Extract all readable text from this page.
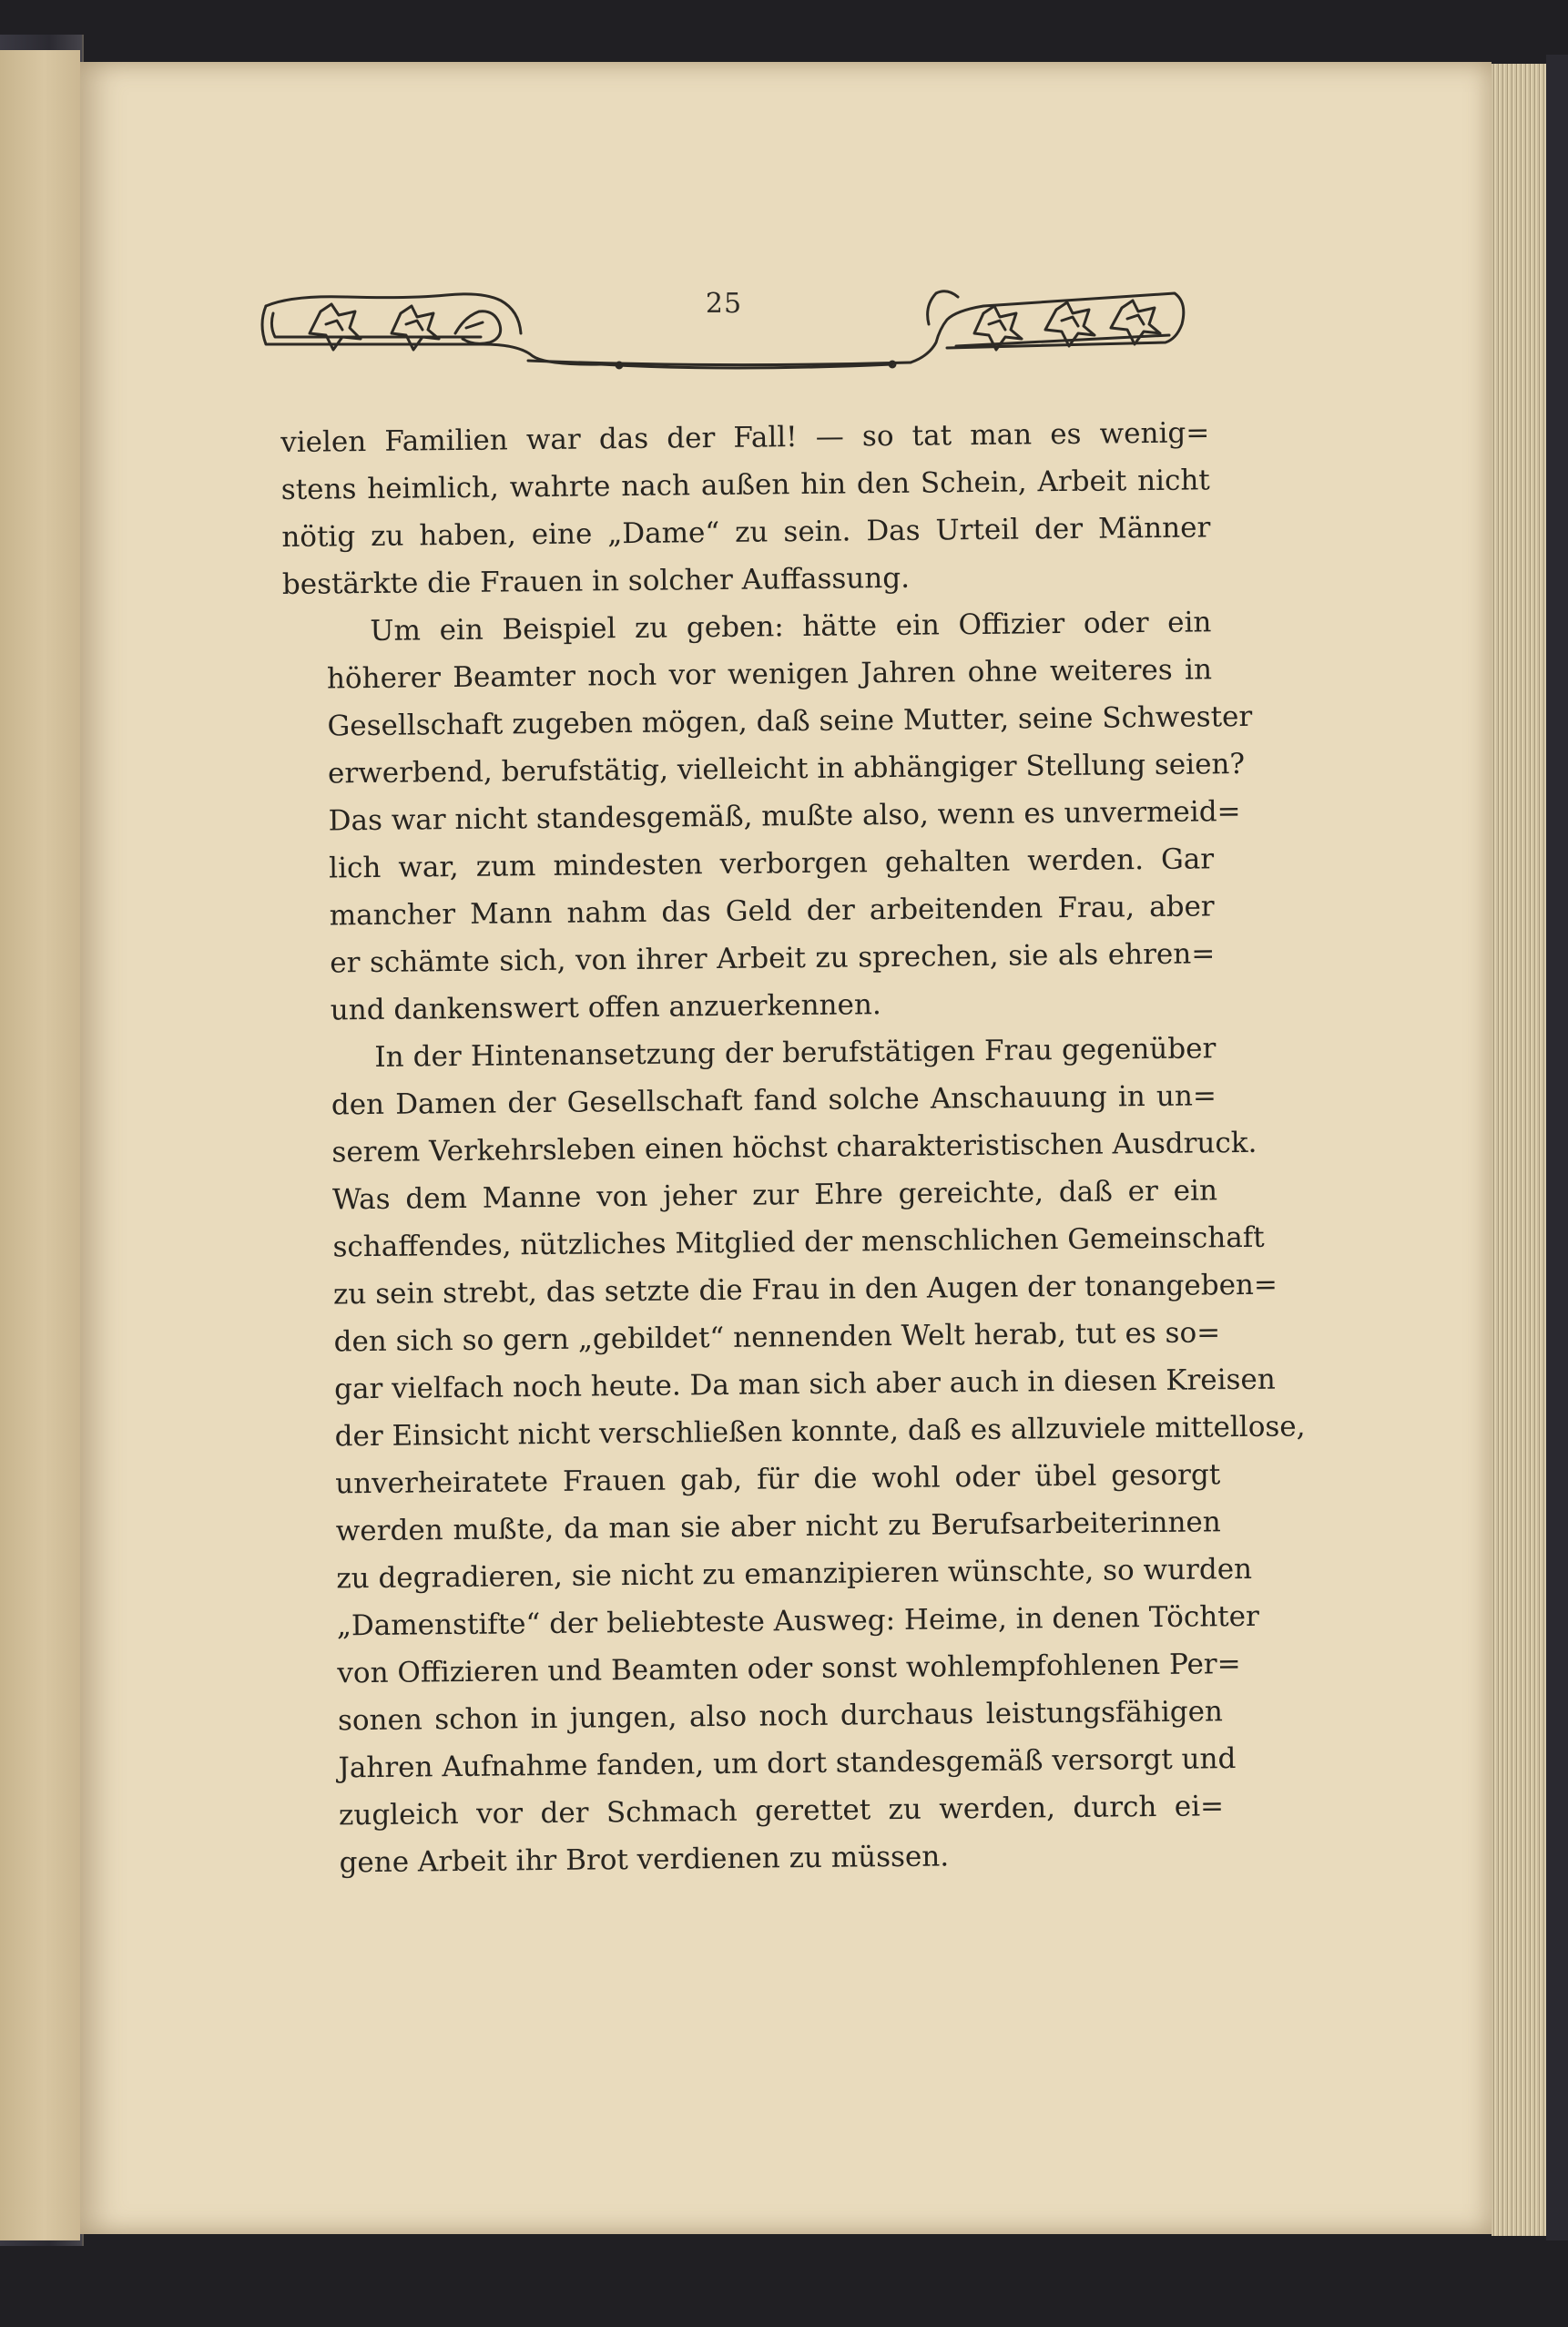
25

vielen Familien war das der Fall! — so tat man es wenig=
stens heimlich, wahrte nach außen hin den Schein, Arbeit nicht
nötig zu haben, eine „Dame“ zu sein. Das Urteil der Männer
bestärkte die Frauen in solcher Auffassung.

Um ein Beispiel zu geben: hätte ein Offizier oder ein
höherer Beamter noch vor wenigen Jahren ohne weiteres in
Gesellschaft zugeben mögen, daß seine Mutter, seine Schwester
erwerbend, berufstätig, vielleicht in abhängiger Stellung seien?
Das war nicht standesgemäß, mußte also, wenn es unvermeid=
lich war, zum mindesten verborgen gehalten werden. Gar
mancher Mann nahm das Geld der arbeitenden Frau, aber
er schämte sich, von ihrer Arbeit zu sprechen, sie als ehren=
und dankenswert offen anzuerkennen.

In der Hintenansetzung der berufstätigen Frau gegenüber
den Damen der Gesellschaft fand solche Anschauung in un=
serem Verkehrsleben einen höchst charakteristischen Ausdruck.
Was dem Manne von jeher zur Ehre gereichte, daß er ein
schaffendes, nützliches Mitglied der menschlichen Gemeinschaft
zu sein strebt, das setzte die Frau in den Augen der tonangeben=
den sich so gern „gebildet“ nennenden Welt herab, tut es so=
gar vielfach noch heute. Da man sich aber auch in diesen Kreisen
der Einsicht nicht verschließen konnte, daß es allzuviele mittellose,
unverheiratete Frauen gab, für die wohl oder übel gesorgt
werden mußte, da man sie aber nicht zu Berufsarbeiterinnen
zu degradieren, sie nicht zu emanzipieren wünschte, so wurden
„Damenstifte“ der beliebteste Ausweg: Heime, in denen Töchter
von Offizieren und Beamten oder sonst wohlempfohlenen Per=
sonen schon in jungen, also noch durchaus leistungsfähigen
Jahren Aufnahme fanden, um dort standesgemäß versorgt und
zugleich vor der Schmach gerettet zu werden, durch ei=
gene Arbeit ihr Brot verdienen zu müssen.
